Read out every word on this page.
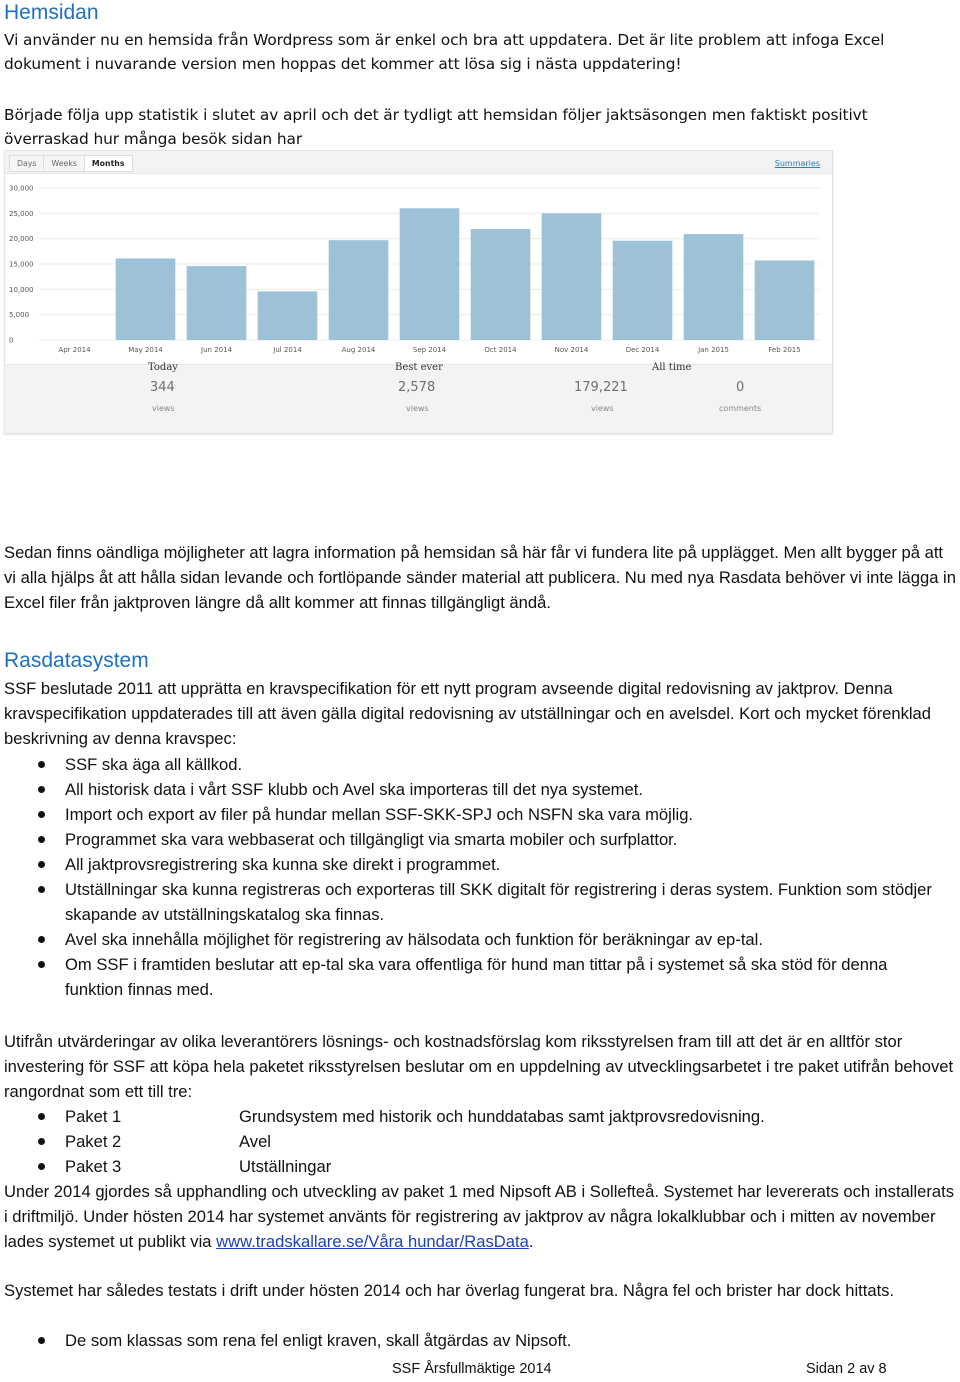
Hemsidan
Vi använder nu en hemsida från Wordpress som är enkel och bra att uppdatera. Det är lite problem att infoga Excel dokument i nuvarande version men hoppas det kommer att lösa sig i nästa uppdatering!
Började följa upp statistik i slutet av april och det är tydligt att hemsidan följer jaktsäsongen men faktiskt positivt överraskad hur många besök sidan har
Days	Weeks	Months	Summaries
30,000
25,000
20,000
15,000
10,000
5,000
0
Apr 2014	May 2014	Jun 2014	Jul 2014	Aug 2014	Sep 2014	Oct 2014	Nov 2014	Dec 2014	Jan 2015	Feb 2015
Today
344
views
Best ever
2,578
views
All time
179,221
views
0
comments
Sedan finns oändliga möjligheter att lagra information på hemsidan så här får vi fundera lite på upplägget. Men allt bygger på att vi alla hjälps åt att hålla sidan levande och fortlöpande sänder material att publicera. Nu med nya Rasdata behöver vi inte lägga in Excel filer från jaktproven längre då allt kommer att finnas tillgängligt ändå.
Rasdatasystem
SSF beslutade 2011 att upprätta en kravspecifikation för ett nytt program avseende digital redovisning av jaktprov. Denna kravspecifikation uppdaterades till att även gälla digital redovisning av utställningar och en avelsdel. Kort och mycket förenklad beskrivning av denna kravspec:
SSF ska äga all källkod.
All historisk data i vårt SSF klubb och Avel ska importeras till det nya systemet.
Import och export av filer på hundar mellan SSF-SKK-SPJ och NSFN ska vara möjlig.
Programmet ska vara webbaserat och tillgängligt via smarta mobiler och surfplattor.
All jaktprovsregistrering ska kunna ske direkt i programmet.
Utställningar ska kunna registreras och exporteras till SKK digitalt för registrering i deras system. Funktion som stödjer skapande av utställningskatalog ska finnas.
Avel ska innehålla möjlighet för registrering av hälsodata och funktion för beräkningar av ep-tal.
Om SSF i framtiden beslutar att ep-tal ska vara offentliga för hund man tittar på i systemet så ska stöd för denna funktion finnas med.
Utifrån utvärderingar av olika leverantörers lösnings- och kostnadsförslag kom riksstyrelsen fram till att det är en alltför stor investering för SSF att köpa hela paketet riksstyrelsen beslutar om en uppdelning av utvecklingsarbetet i tre paket utifrån behovet rangordnat som ett till tre:
Paket 1	Grundsystem med historik och hunddatabas samt jaktprovsredovisning.
Paket 2	Avel
Paket 3	Utställningar
Under 2014 gjordes så upphandling och utveckling av paket 1 med Nipsoft AB i Sollefteå. Systemet har levererats och installerats i driftmiljö. Under hösten 2014 har systemet använts för registrering av jaktprov av några lokalklubbar och i mitten av november lades systemet ut publikt via www.tradskallare.se/Våra hundar/RasData.
Systemet har således testats i drift under hösten 2014 och har överlag fungerat bra. Några fel och brister har dock hittats.
De som klassas som rena fel enligt kraven, skall åtgärdas av Nipsoft.
SSF Årsfullmäktige 2014	Sidan 2 av 8
